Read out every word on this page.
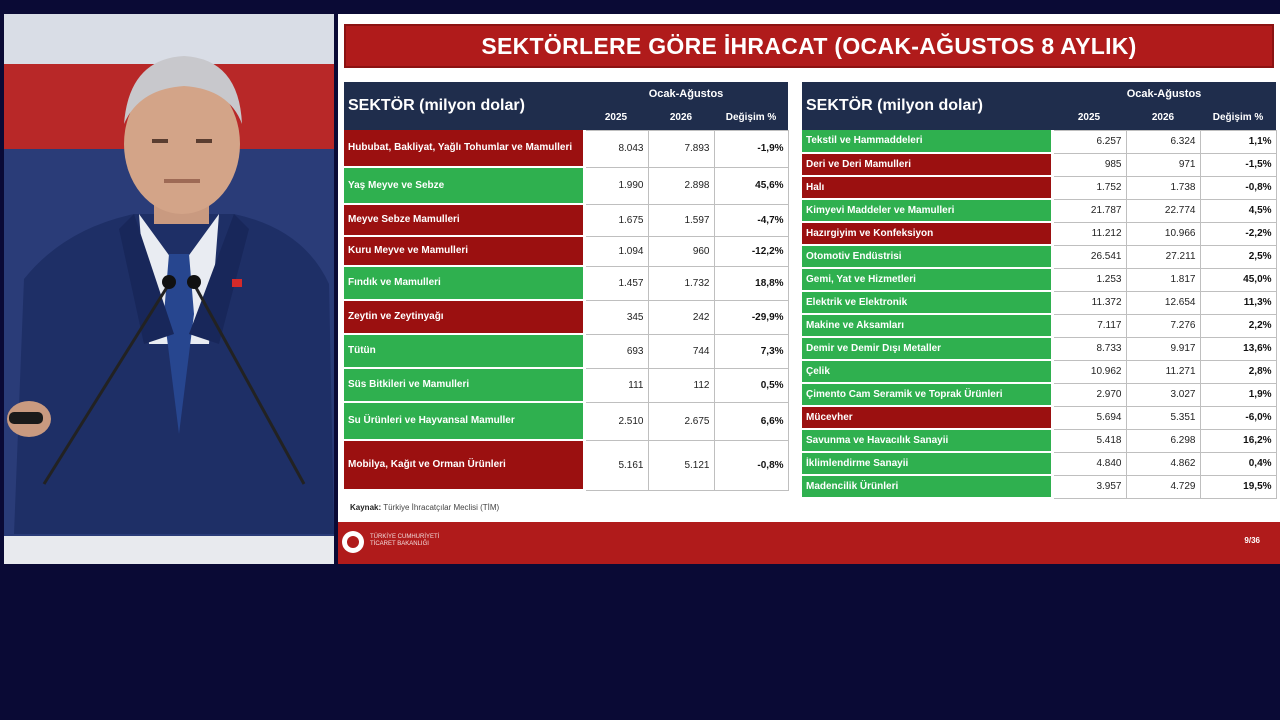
SEKTÖRLERE GÖRE İHRACAT (OCAK-AĞUSTOS 8 AYLIK)
SEKTÖR (milyon dolar)	Ocak-Ağustos		
	2025	2026	Değişim %
Hububat, Bakliyat, Yağlı Tohumlar ve Mamulleri	8.043	7.893	-1,9%
Yaş Meyve ve Sebze	1.990	2.898	45,6%
Meyve Sebze Mamulleri	1.675	1.597	-4,7%
Kuru Meyve ve Mamulleri	1.094	960	-12,2%
Fındık ve Mamulleri	1.457	1.732	18,8%
Zeytin ve Zeytinyağı	345	242	-29,9%
Tütün	693	744	7,3%
Süs Bitkileri ve Mamulleri	111	112	0,5%
Su Ürünleri ve Hayvansal Mamuller	2.510	2.675	6,6%
Mobilya, Kağıt ve Orman Ürünleri	5.161	5.121	-0,8%
SEKTÖR (milyon dolar)	Ocak-Ağustos		
	2025	2026	Değişim %
Tekstil ve Hammaddeleri	6.257	6.324	1,1%
Deri ve Deri Mamulleri	985	971	-1,5%
Halı	1.752	1.738	-0,8%
Kimyevi Maddeler ve Mamulleri	21.787	22.774	4,5%
Hazırgiyim ve Konfeksiyon	11.212	10.966	-2,2%
Otomotiv Endüstrisi	26.541	27.211	2,5%
Gemi, Yat ve Hizmetleri	1.253	1.817	45,0%
Elektrik ve Elektronik	11.372	12.654	11,3%
Makine ve Aksamları	7.117	7.276	2,2%
Demir ve Demir Dışı Metaller	8.733	9.917	13,6%
Çelik	10.962	11.271	2,8%
Çimento Cam Seramik ve Toprak Ürünleri	2.970	3.027	1,9%
Mücevher	5.694	5.351	-6,0%
Savunma ve Havacılık Sanayii	5.418	6.298	16,2%
İklimlendirme Sanayii	4.840	4.862	0,4%
Madencilik Ürünleri	3.957	4.729	19,5%
Kaynak: Türkiye İhracatçılar Meclisi (TİM)
TÜRKİYE CUMHURİYETİ TİCARET BAKANLIĞI	9/36
